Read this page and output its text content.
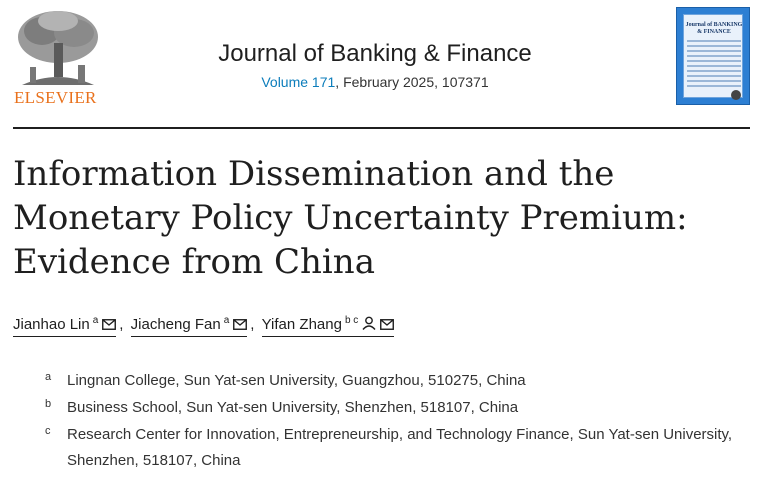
ELSEVIER
Journal of Banking & Finance
Volume 171, February 2025, 107371
Journal of BANKING & FINANCE
Information Dissemination and the Monetary Policy Uncertainty Premium: Evidence from China
Jianhao Lin $^a$ , Jiacheng Fan $^a$ , Yifan Zhang $^{b c}$
a Lingnan College, Sun Yat-sen University, Guangzhou, 510275, China
b Business School, Sun Yat-sen University, Shenzhen, 518107, China
c Research Center for Innovation, Entrepreneurship, and Technology Finance, Sun Yat-sen University, Shenzhen, 518107, China
